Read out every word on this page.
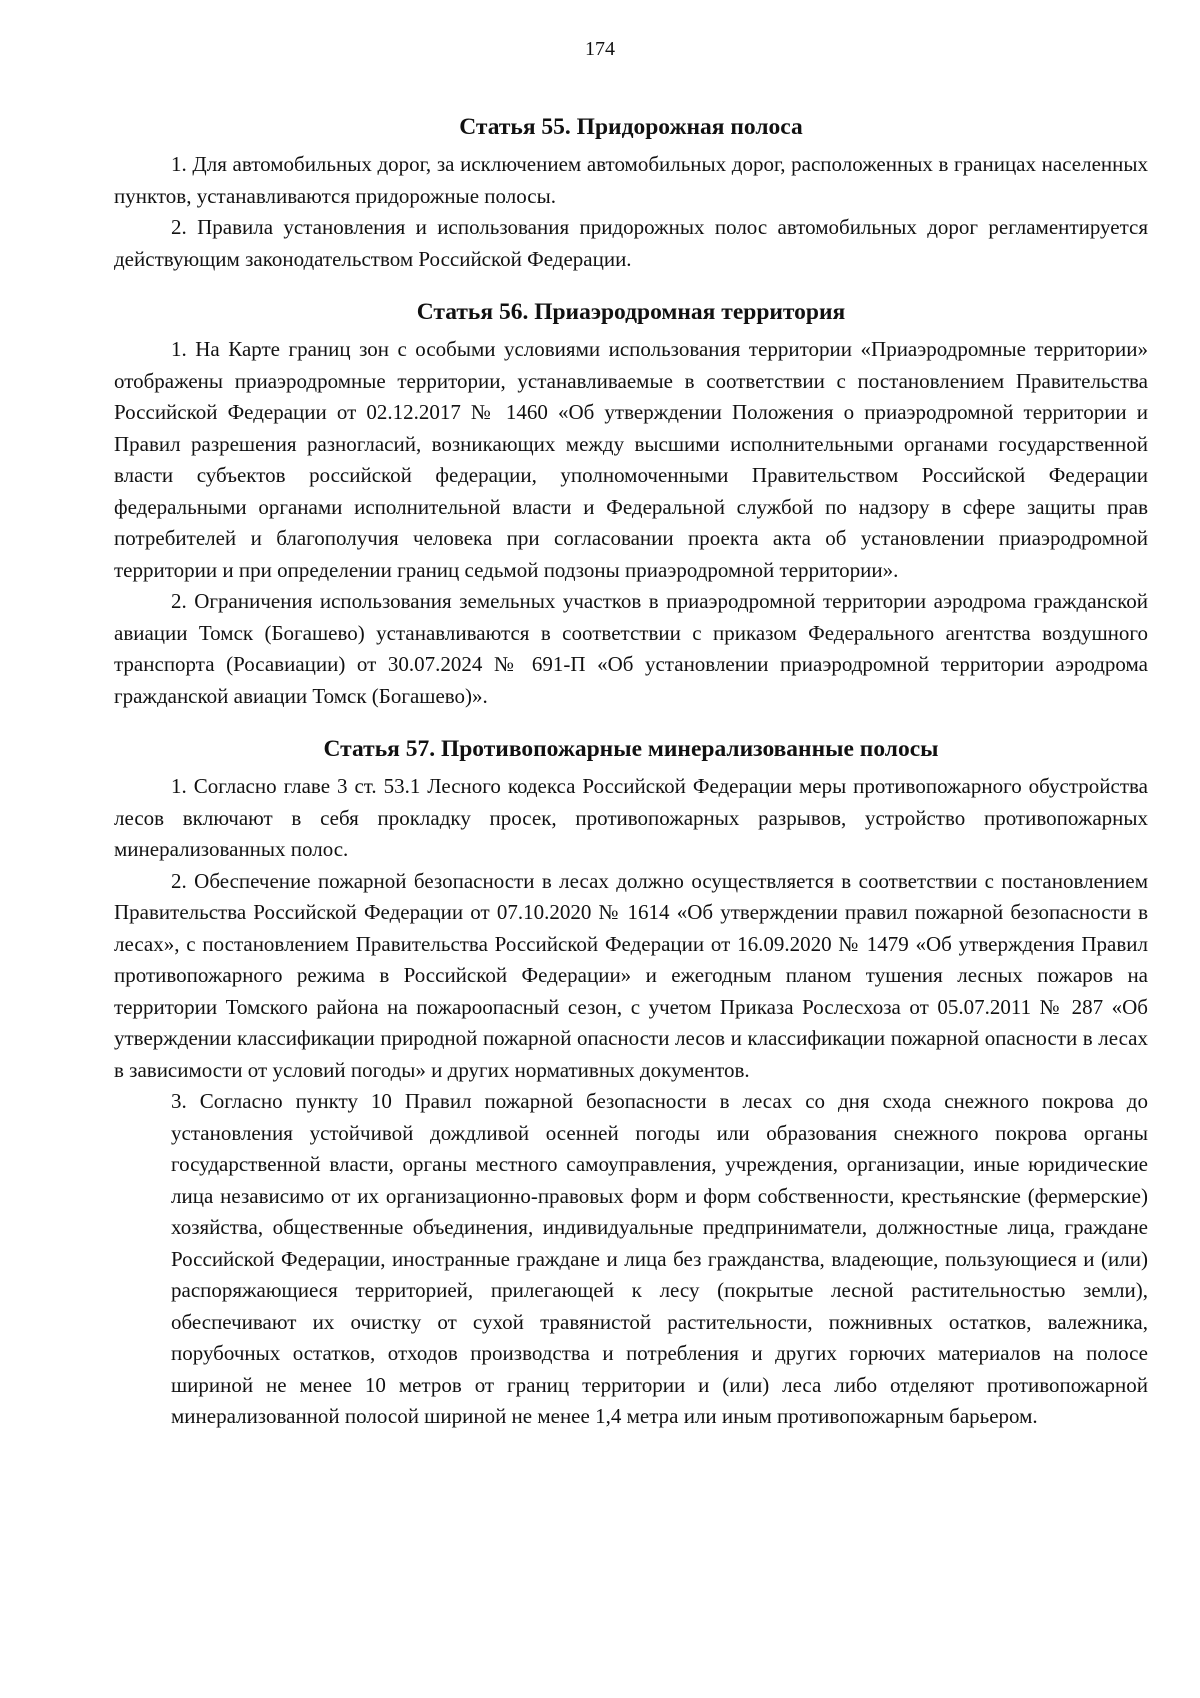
174
Статья 55. Придорожная полоса

1. Для автомобильных дорог, за исключением автомобильных дорог, расположенных в границах населенных пунктов, устанавливаются придорожные полосы.

2. Правила установления и использования придорожных полос автомобильных дорог регламентируется действующим законодательством Российской Федерации.

Статья 56. Приаэродромная территория

1. На Карте границ зон с особыми условиями использования территории «Приаэродромные территории» отображены приаэродромные территории, устанавливаемые в соответствии с постановлением Правительства Российской Федерации от 02.12.2017 № 1460 «Об утверждении Положения о приаэродромной территории и Правил разрешения разногласий, возникающих между высшими исполнительными органами государственной власти субъектов российской федерации, уполномоченными Правительством Российской Федерации федеральными органами исполнительной власти и Федеральной службой по надзору в сфере защиты прав потребителей и благополучия человека при согласовании проекта акта об установлении приаэродромной территории и при определении границ седьмой подзоны приаэродромной территории».

2. Ограничения использования земельных участков в приаэродромной территории аэродрома гражданской авиации Томск (Богашево) устанавливаются в соответствии с приказом Федерального агентства воздушного транспорта (Росавиации) от 30.07.2024 № 691-П «Об установлении приаэродромной территории аэродрома гражданской авиации Томск (Богашево)».

Статья 57. Противопожарные минерализованные полосы

1. Согласно главе 3 ст. 53.1 Лесного кодекса Российской Федерации меры противопожарного обустройства лесов включают в себя прокладку просек, противопожарных разрывов, устройство противопожарных минерализованных полос.

2. Обеспечение пожарной безопасности в лесах должно осуществляется в соответствии с постановлением Правительства Российской Федерации от 07.10.2020 № 1614 «Об утверждении правил пожарной безопасности в лесах», с постановлением Правительства Российской Федерации от 16.09.2020 № 1479 «Об утверждения Правил противопожарного режима в Российской Федерации» и ежегодным планом тушения лесных пожаров на территории Томского района на пожароопасный сезон, с учетом Приказа Рослесхоза от 05.07.2011 № 287 «Об утверждении классификации природной пожарной опасности лесов и классификации пожарной опасности в лесах в зависимости от условий погоды» и других нормативных документов.

3. Согласно пункту 10 Правил пожарной безопасности в лесах со дня схода снежного покрова до установления устойчивой дождливой осенней погоды или образования снежного покрова органы государственной власти, органы местного самоуправления, учреждения, организации, иные юридические лица независимо от их организационно-правовых форм и форм собственности, крестьянские (фермерские) хозяйства, общественные объединения, индивидуальные предприниматели, должностные лица, граждане Российской Федерации, иностранные граждане и лица без гражданства, владеющие, пользующиеся и (или) распоряжающиеся территорией, прилегающей к лесу (покрытые лесной растительностью земли), обеспечивают их очистку от сухой травянистой растительности, пожнивных остатков, валежника, порубочных остатков, отходов производства и потребления и других горючих материалов на полосе шириной не менее 10 метров от границ территории и (или) леса либо отделяют противопожарной минерализованной полосой шириной не менее 1,4 метра или иным противопожарным барьером.
